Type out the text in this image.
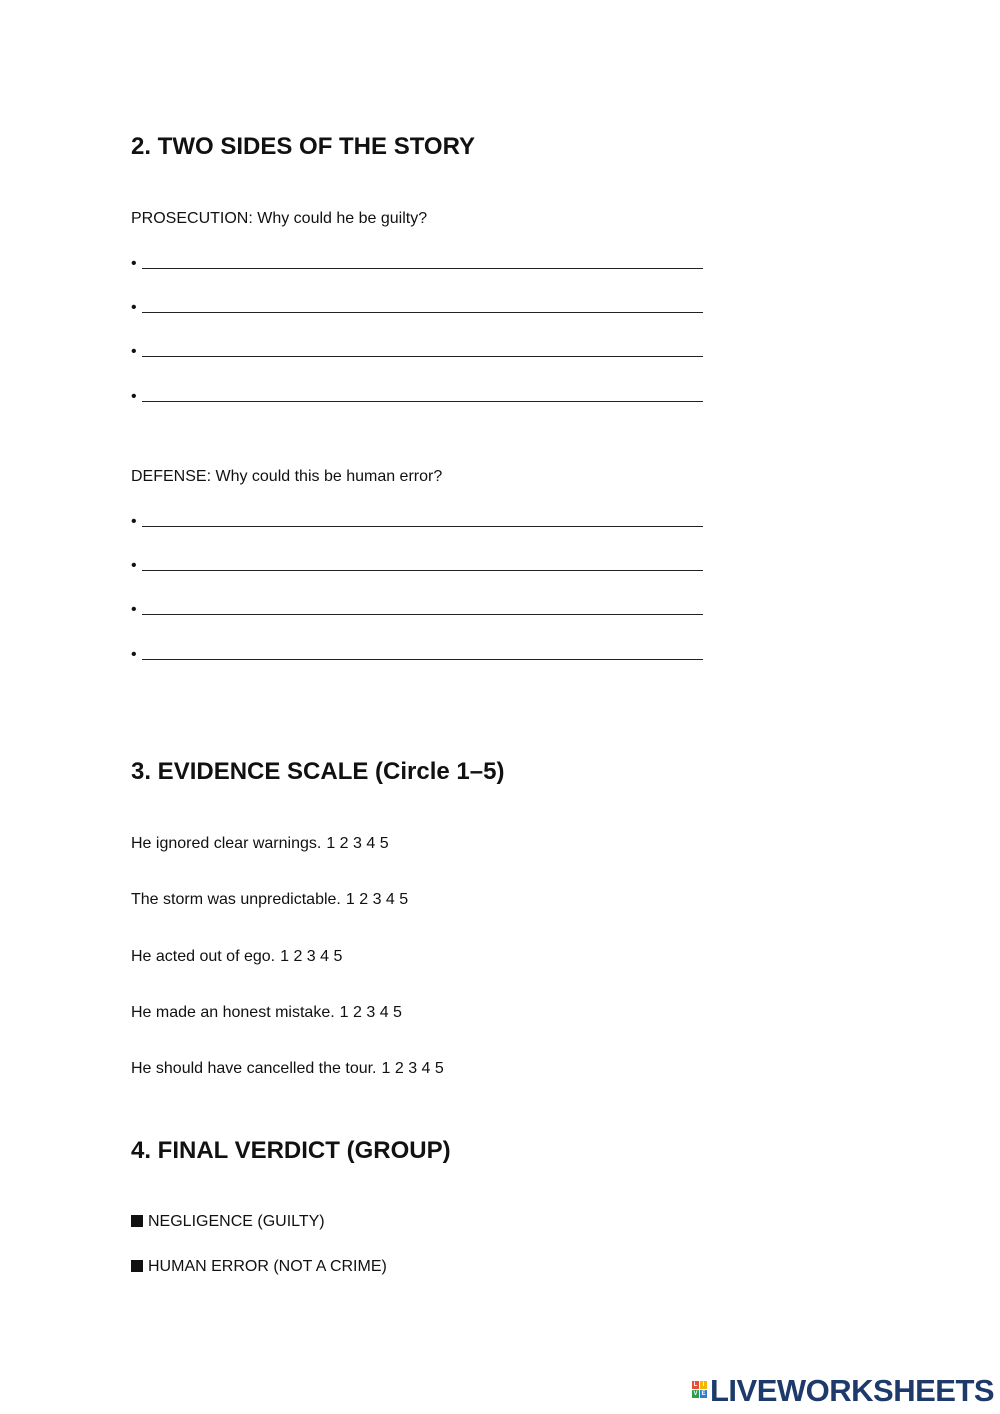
2. TWO SIDES OF THE STORY
PROSECUTION: Why could he be guilty?
•
•
•
•
DEFENSE: Why could this be human error?
•
•
•
•
3. EVIDENCE SCALE (Circle 1–5)
He ignored clear warnings. 1 2 3 4 5
The storm was unpredictable. 1 2 3 4 5
He acted out of ego. 1 2 3 4 5
He made an honest mistake. 1 2 3 4 5
He should have cancelled the tour. 1 2 3 4 5
4. FINAL VERDICT (GROUP)
NEGLIGENCE (GUILTY)
HUMAN ERROR (NOT A CRIME)
L I
V E LIVEWORKSHEETS
